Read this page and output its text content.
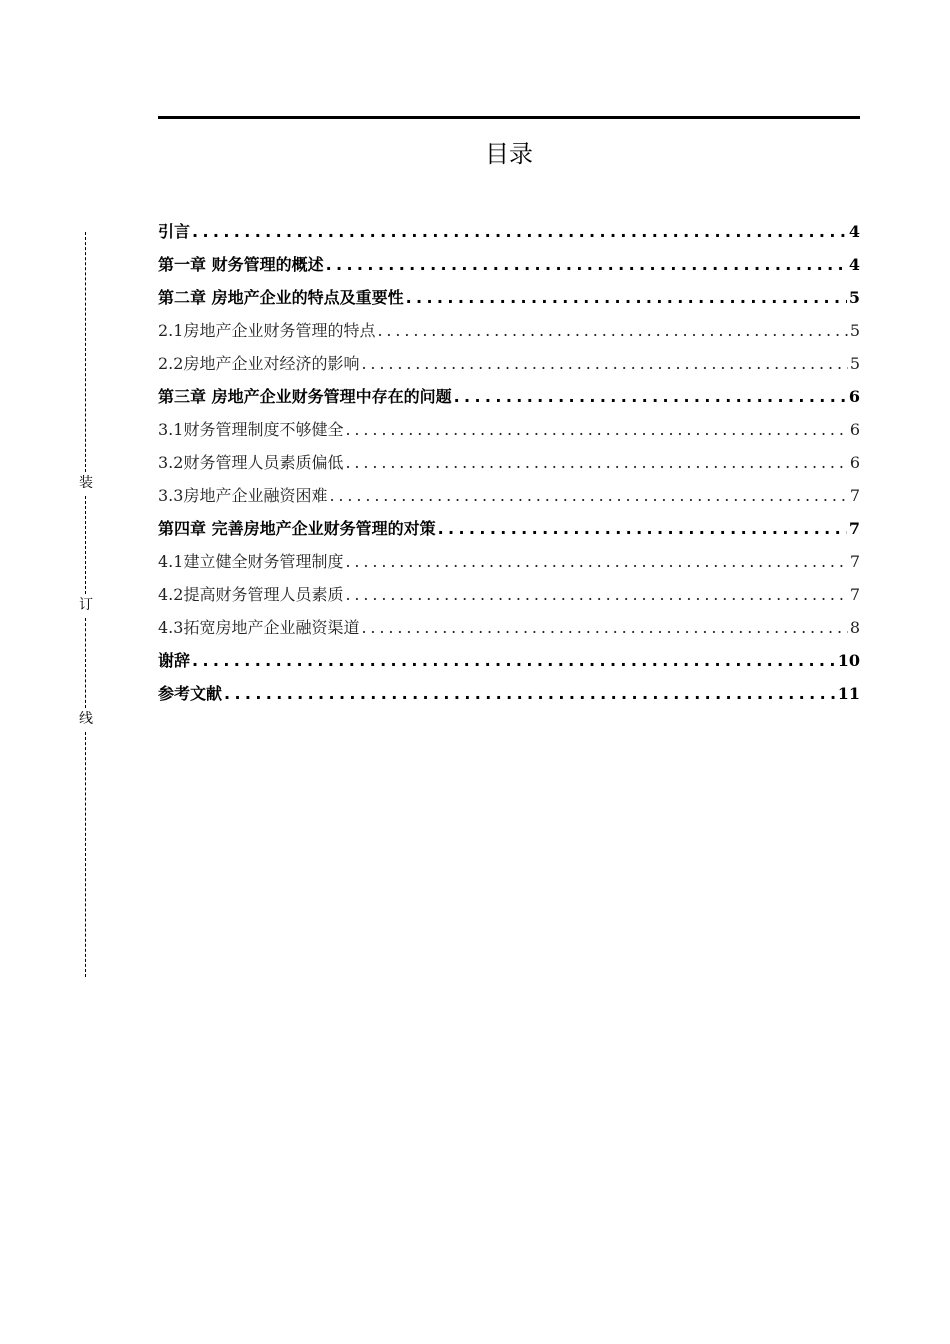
目录
引言 . . .	4
第一章 财务管理的概述 . . .	4
第二章 房地产企业的特点及重要性 . . .	5
2.1房地产企业财务管理的特点 . . .	5
2.2房地产企业对经济的影响 . . .	5
第三章 房地产企业财务管理中存在的问题 . . .	6
3.1财务管理制度不够健全 . . .	6
3.2财务管理人员素质偏低 . . .	6
3.3房地产企业融资困难 . . .	7
第四章 完善房地产企业财务管理的对策 . . .	7
4.1建立健全财务管理制度 . . .	7
4.2提高财务管理人员素质 . . .	7
4.3拓宽房地产企业融资渠道 . . .	8
谢辞 . . .	10
参考文献 . . .	11
装
订
线
